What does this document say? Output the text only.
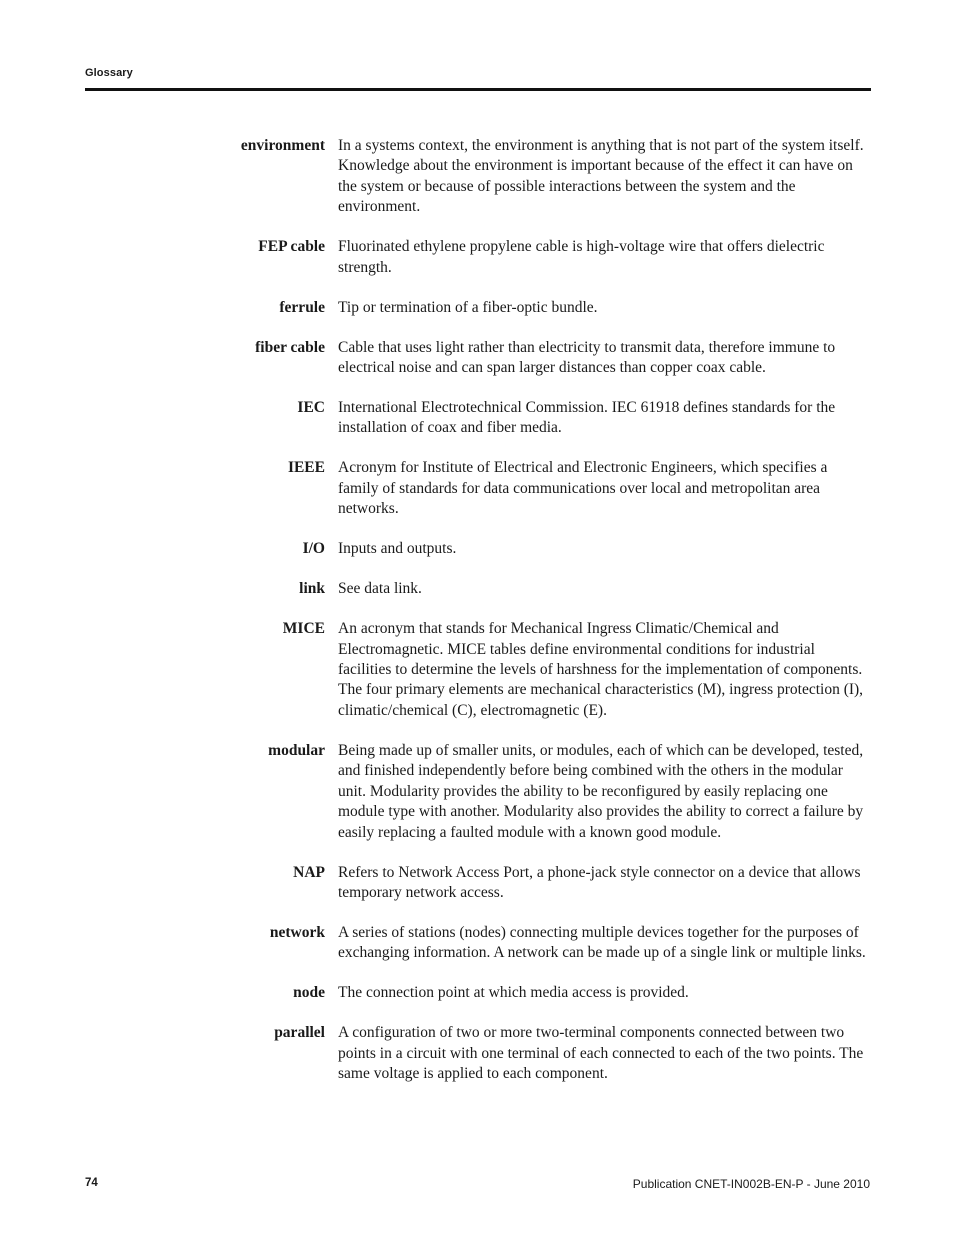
Glossary
environment In a systems context, the environment is anything that is not part of the system itself. Knowledge about the environment is important because of the effect it can have on the system or because of possible interactions between the system and the environment.
FEP cable Fluorinated ethylene propylene cable is high-voltage wire that offers dielectric strength.
ferrule Tip or termination of a fiber-optic bundle.
fiber cable Cable that uses light rather than electricity to transmit data, therefore immune to electrical noise and can span larger distances than copper coax cable.
IEC International Electrotechnical Commission. IEC 61918 defines standards for the installation of coax and fiber media.
IEEE Acronym for Institute of Electrical and Electronic Engineers, which specifies a family of standards for data communications over local and metropolitan area networks.
I/O Inputs and outputs.
link See data link.
MICE An acronym that stands for Mechanical Ingress Climatic/Chemical and Electromagnetic. MICE tables define environmental conditions for industrial facilities to determine the levels of harshness for the implementation of components. The four primary elements are mechanical characteristics (M), ingress protection (I), climatic/chemical (C), electromagnetic (E).
modular Being made up of smaller units, or modules, each of which can be developed, tested, and finished independently before being combined with the others in the modular unit. Modularity provides the ability to be reconfigured by easily replacing one module type with another. Modularity also provides the ability to correct a failure by easily replacing a faulted module with a known good module.
NAP Refers to Network Access Port, a phone-jack style connector on a device that allows temporary network access.
network A series of stations (nodes) connecting multiple devices together for the purposes of exchanging information. A network can be made up of a single link or multiple links.
node The connection point at which media access is provided.
parallel A configuration of two or more two-terminal components connected between two points in a circuit with one terminal of each connected to each of the two points. The same voltage is applied to each component.
74	Publication CNET-IN002B-EN-P - June 2010
